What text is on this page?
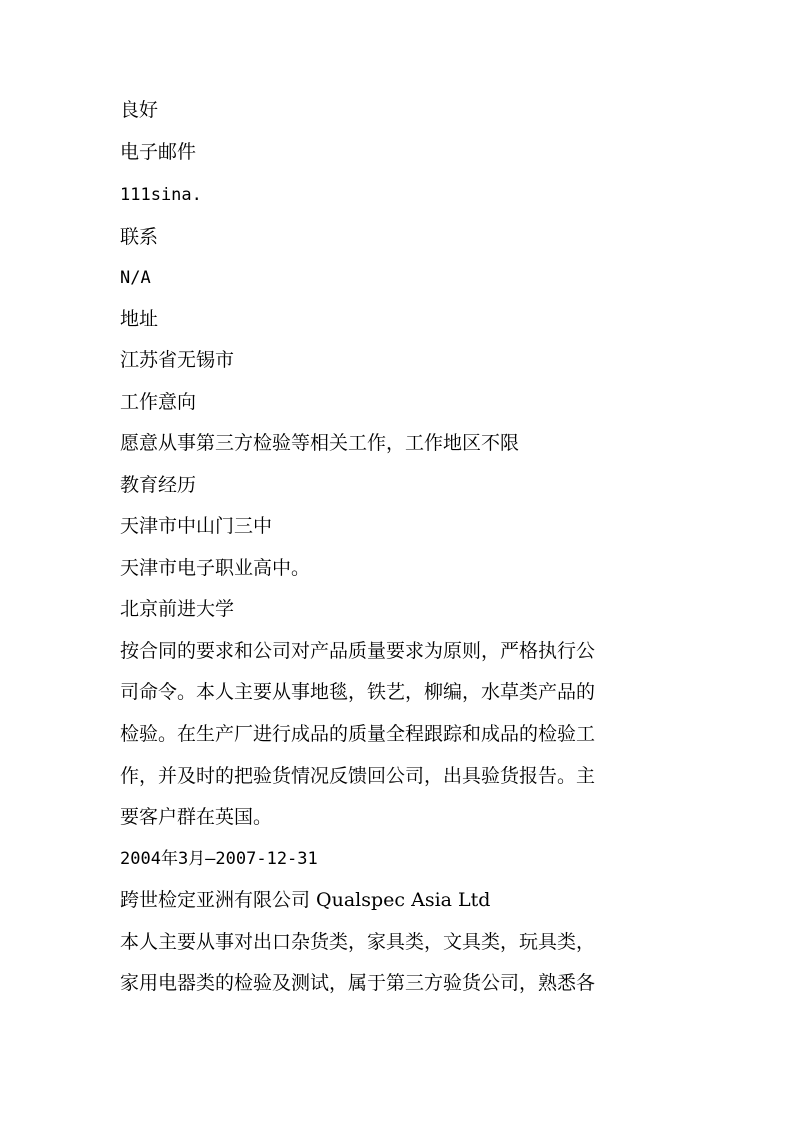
良好
电子邮件
111sina.
联系
N/A
地址
江苏省无锡市
工作意向
愿意从事第三方检验等相关工作，工作地区不限
教育经历
天津市中山门三中
天津市电子职业高中。
北京前进大学
按合同的要求和公司对产品质量要求为原则，严格执行公
司命令。本人主要从事地毯，铁艺，柳编，水草类产品的
检验。在生产厂进行成品的质量全程跟踪和成品的检验工
作，并及时的把验货情况反馈回公司，出具验货报告。主
要客户群在英国。
2004年3月—2007-12-31
跨世检定亚洲有限公司 Qualspec Asia Ltd
本人主要从事对出口杂货类，家具类，文具类，玩具类，
家用电器类的检验及测试，属于第三方验货公司，熟悉各
